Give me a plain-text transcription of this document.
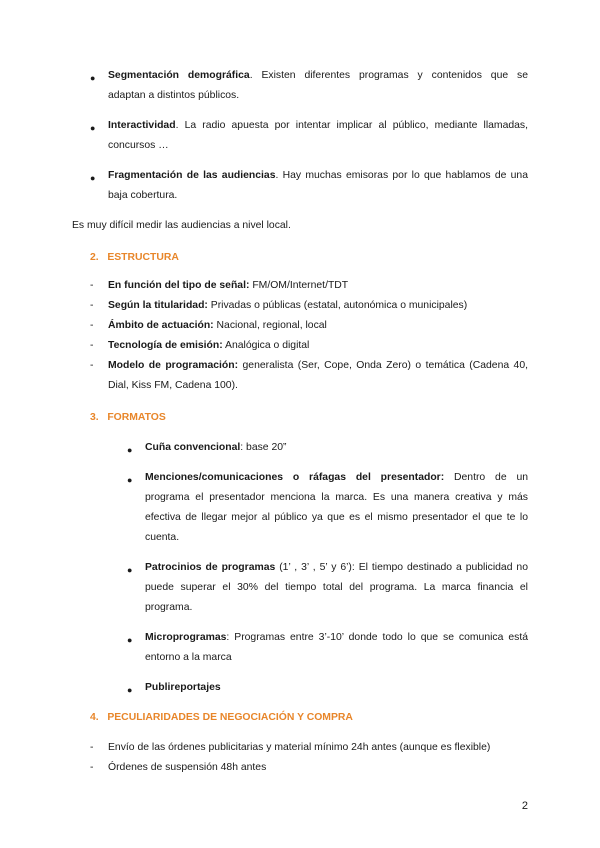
● Segmentación demográfica. Existen diferentes programas y contenidos que se
adaptan a distintos públicos.
● Interactividad. La radio apuesta por intentar implicar al público, mediante llamadas,
concursos …
● Fragmentación de las audiencias. Hay muchas emisoras por lo que hablamos de una
baja cobertura.
Es muy difícil medir las audiencias a nivel local.
2.   ESTRUCTURA
- En función del tipo de señal: FM/OM/Internet/TDT
- Según la titularidad: Privadas o públicas (estatal, autonómica o municipales)
- Ámbito de actuación: Nacional, regional, local
- Tecnología de emisión: Analógica o digital
- Modelo de programación: generalista (Ser, Cope, Onda Zero) o temática (Cadena 40,
Dial, Kiss FM, Cadena 100).
3.   FORMATOS
● Cuña convencional: base 20”
● Menciones/comunicaciones o ráfagas del presentador: Dentro de un
programa el presentador menciona la marca. Es una manera creativa y más
efectiva de llegar mejor al público ya que es el mismo presentador el que te lo
cuenta.
● Patrocinios de programas (1’ , 3’ , 5’ y 6’): El tiempo destinado a publicidad no
puede superar el 30% del tiempo total del programa. La marca financia el
programa.
● Microprogramas: Programas entre 3’-10’ donde todo lo que se comunica está
entorno a la marca
● Publireportajes
4.   PECULIARIDADES DE NEGOCIACIÓN Y COMPRA
- Envío de las órdenes publicitarias y material mínimo 24h antes (aunque es flexible)
- Órdenes de suspensión 48h antes
2
